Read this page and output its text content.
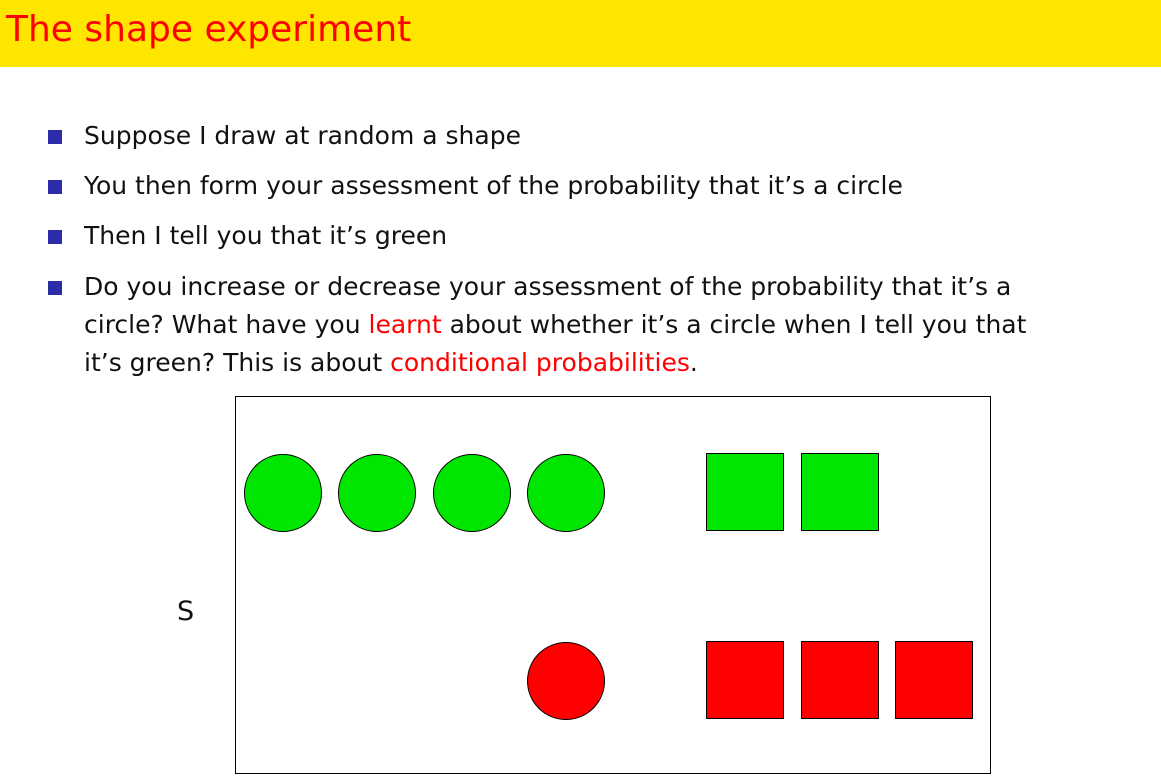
The shape experiment
Suppose I draw at random a shape
You then form your assessment of the probability that it’s a circle
Then I tell you that it’s green
Do you increase or decrease your assessment of the probability that it’s a
circle? What have you learnt about whether it’s a circle when I tell you that
it’s green? This is about conditional probabilities.
S
